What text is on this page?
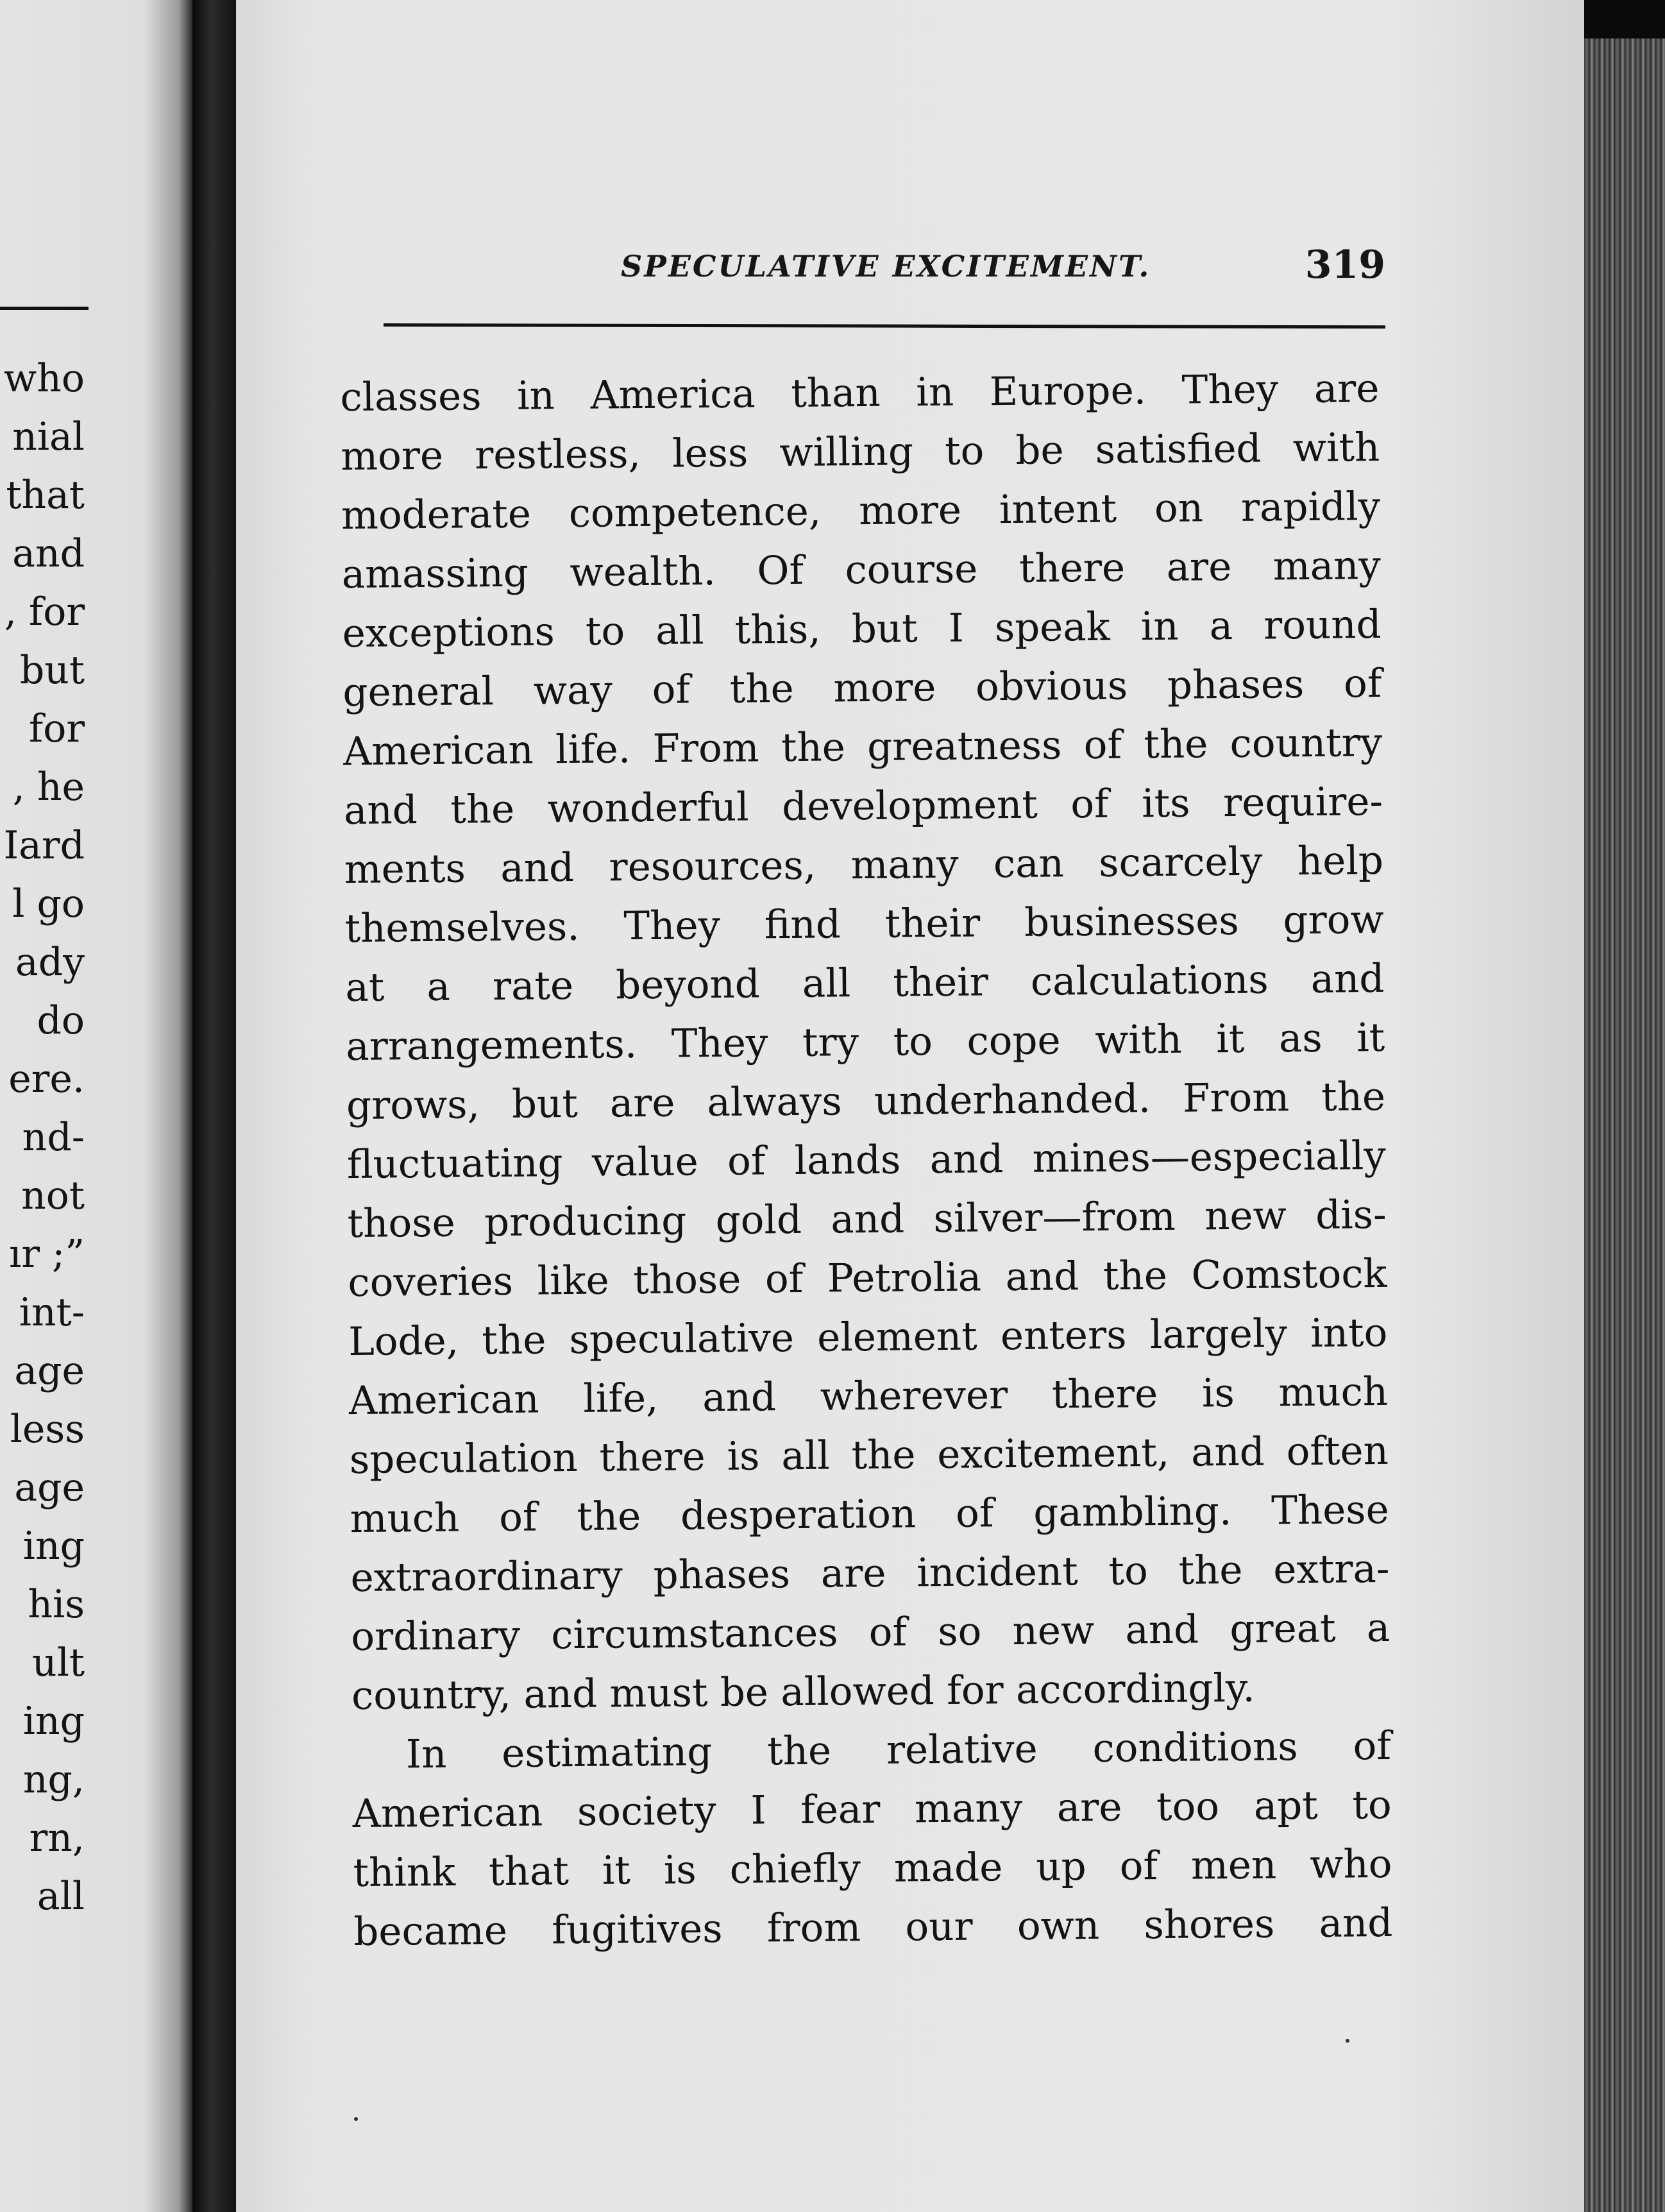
who
nial
that
and
, for
but
for
, he
Iard
l go
ady
do
ere.
nd-
not
ır ;”
int-
age
less
age
ing
his
ult
ing
ng,
rn,
all
SPECULATIVE EXCITEMENT.	319
classes in America than in Europe. They are
more restless, less willing to be satisfied with
moderate competence, more intent on rapidly
amassing wealth. Of course there are many
exceptions to all this, but I speak in a round
general way of the more obvious phases of
American life. From the greatness of the country
and the wonderful development of its require-
ments and resources, many can scarcely help
themselves. They find their businesses grow
at a rate beyond all their calculations and
arrangements. They try to cope with it as it
grows, but are always underhanded. From the
fluctuating value of lands and mines—especially
those producing gold and silver—from new dis-
coveries like those of Petrolia and the Comstock
Lode, the speculative element enters largely into
American life, and wherever there is much
speculation there is all the excitement, and often
much of the desperation of gambling. These
extraordinary phases are incident to the extra-
ordinary circumstances of so new and great a
country, and must be allowed for accordingly.
In estimating the relative conditions of
American society I fear many are too apt to
think that it is chiefly made up of men who
became fugitives from our own shores and
